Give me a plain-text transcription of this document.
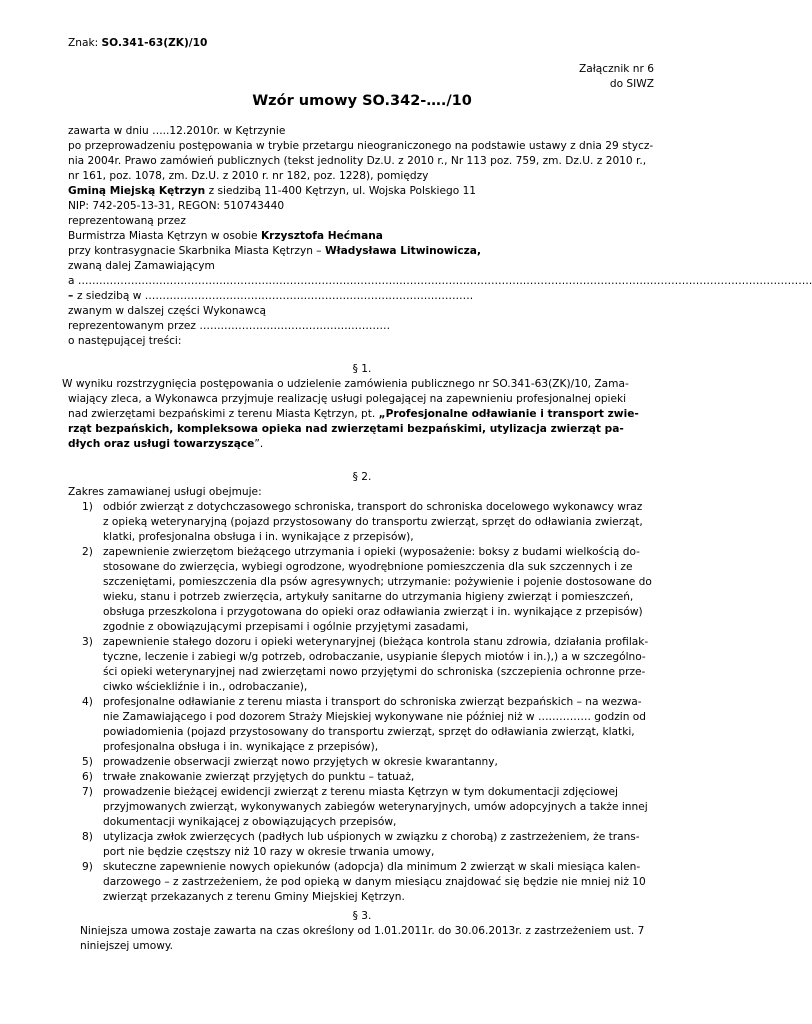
Znak: SO.341-63(ZK)/10
Załącznik nr 6
do SIWZ
Wzór umowy SO.342-…./10
zawarta w dniu …..12.2010r. w Kętrzynie
po przeprowadzeniu postępowania w trybie przetargu nieograniczonego na podstawie ustawy z dnia 29 stycz-
nia 2004r. Prawo zamówień publicznych (tekst jednolity Dz.U. z 2010 r., Nr 113 poz. 759, zm. Dz.U. z 2010 r.,
nr 161, poz. 1078, zm. Dz.U. z 2010 r. nr 182, poz. 1228), pomiędzy
Gminą Miejską Kętrzyn z siedzibą 11-400 Kętrzyn, ul. Wojska Polskiego 11
NIP: 742-205-13-31, REGON: 510743440
reprezentowaną przez
Burmistrza Miasta Kętrzyn w osobie Krzysztofa Hećmana
przy kontrasygnacie Skarbnika Miasta Kętrzyn – Władysława Litwinowicza,
zwaną dalej Zamawiającym
a ……………………………………………………………………………………………………………………………………………………………………………………….
– z siedzibą w …………………………………………………………………………………
zwanym w dalszej części Wykonawcą
reprezentowanym przez ………………………………………………
o następującej treści:
§ 1.
W wyniku rozstrzygnięcia postępowania o udzielenie zamówienia publicznego nr SO.341-63(ZK)/10, Zama-
wiający zleca, a Wykonawca przyjmuje realizację usługi polegającej na zapewnieniu profesjonalnej opieki
nad zwierzętami bezpańskimi z terenu Miasta Kętrzyn, pt. „Profesjonalne odławianie i transport zwie-
rząt bezpańskich, kompleksowa opieka nad zwierzętami bezpańskimi, utylizacja zwierząt pa-
dłych oraz usługi towarzyszące”.
§ 2.
Zakres zamawianej usługi obejmuje:
1) odbiór zwierząt z dotychczasowego schroniska, transport do schroniska docelowego wykonawcy wraz
z opieką weterynaryjną (pojazd przystosowany do transportu zwierząt, sprzęt do odławiania zwierząt,
klatki, profesjonalna obsługa i in. wynikające z przepisów),
2) zapewnienie zwierzętom bieżącego utrzymania i opieki (wyposażenie: boksy z budami wielkością do-
stosowane do zwierzęcia, wybiegi ogrodzone, wyodrębnione pomieszczenia dla suk szczennych i ze
szczeniętami, pomieszczenia dla psów agresywnych; utrzymanie: pożywienie i pojenie dostosowane do
wieku, stanu i potrzeb zwierzęcia, artykuły sanitarne do utrzymania higieny zwierząt i pomieszczeń,
obsługa przeszkolona i przygotowana do opieki oraz odławiania zwierząt i in. wynikające z przepisów)
zgodnie z obowiązującymi przepisami i ogólnie przyjętymi zasadami,
3) zapewnienie stałego dozoru i opieki weterynaryjnej (bieżąca kontrola stanu zdrowia, działania profilak-
tyczne, leczenie i zabiegi w/g potrzeb, odrobaczanie, usypianie ślepych miotów i in.),) a w szczególno-
ści opieki weterynaryjnej nad zwierzętami nowo przyjętymi do schroniska (szczepienia ochronne prze-
ciwko wściekliźnie i in., odrobaczanie),
4) profesjonalne odławianie z terenu miasta i transport do schroniska zwierząt bezpańskich – na wezwa-
nie Zamawiającego i pod dozorem Straży Miejskiej wykonywane nie później niż w …………… godzin od
powiadomienia (pojazd przystosowany do transportu zwierząt, sprzęt do odławiania zwierząt, klatki,
profesjonalna obsługa i in. wynikające z przepisów),
5) prowadzenie obserwacji zwierząt nowo przyjętych w okresie kwarantanny,
6) trwałe znakowanie zwierząt przyjętych do punktu – tatuaż,
7) prowadzenie bieżącej ewidencji zwierząt z terenu miasta Kętrzyn w tym dokumentacji zdjęciowej
przyjmowanych zwierząt, wykonywanych zabiegów weterynaryjnych, umów adopcyjnych a także innej
dokumentacji wynikającej z obowiązujących przepisów,
8) utylizacja zwłok zwierzęcych (padłych lub uśpionych w związku z chorobą) z zastrzeżeniem, że trans-
port nie będzie częstszy niż 10 razy w okresie trwania umowy,
9) skuteczne zapewnienie nowych opiekunów (adopcja) dla minimum 2 zwierząt w skali miesiąca kalen-
darzowego – z zastrzeżeniem, że pod opieką w danym miesiącu znajdować się będzie nie mniej niż 10
zwierząt przekazanych z terenu Gminy Miejskiej Kętrzyn.
§ 3.
Niniejsza umowa zostaje zawarta na czas określony od 1.01.2011r. do 30.06.2013r. z zastrzeżeniem ust. 7
niniejszej umowy.
